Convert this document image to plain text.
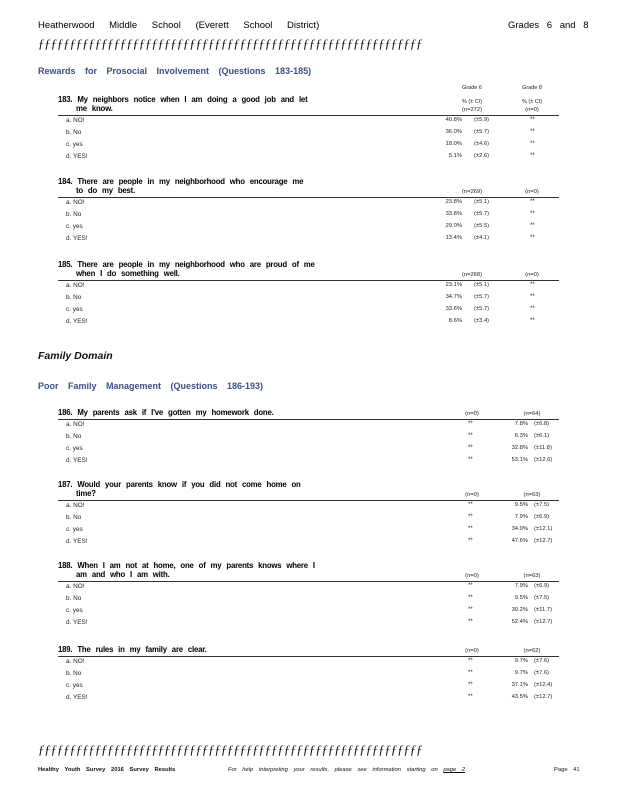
Heatherwood Middle School (Everett School District)	Grades 6 and 8
ƒƒƒƒƒƒƒƒƒƒƒƒƒƒƒƒƒƒƒƒƒƒƒƒƒƒƒƒƒƒƒƒƒƒƒƒƒƒƒƒƒƒƒƒƒƒƒƒƒƒƒƒƒƒƒƒƒƒƒƒƒ
Rewards for Prosocial Involvement (Questions 183-185)
Grade 6	Grade 8
% (± CI)	% (± CI)
183. My neighbors notice when I am doing a good job and let
me know.	(n=272)	(n=0)
a. NO!	40.8% (±5.9)	**
b. No	36.0% (±5.7)	**
c. yes	18.0% (±4.6)	**
d. YES!	5.1% (±2.6)	**
184. There are people in my neighborhood who encourage me
to do my best.	(n=269)	(n=0)
a. NO!	23.8% (±5.1)	**
b. No	33.8% (±5.7)	**
c. yes	29.0% (±5.5)	**
d. YES!	13.4% (±4.1)	**
185. There are people in my neighborhood who are proud of me
when I do something well.	(n=268)	(n=0)
a. NO!	23.1% (±5.1)	**
b. No	34.7% (±5.7)	**
c. yes	33.6% (±5.7)	**
d. YES!	8.6% (±3.4)	**
Family Domain
Poor Family Management (Questions 186-193)
186. My parents ask if I've gotten my homework done.	(n=0)	(n=64)
a. NO!	**	7.8% (±6.8)
b. No	**	6.3% (±6.1)
c. yes	**	32.8% (±11.8)
d. YES!	**	53.1% (±12.6)
187. Would your parents know if you did not come home on
time?	(n=0)	(n=63)
a. NO!	**	9.5% (±7.5)
b. No	**	7.9% (±6.9)
c. yes	**	34.9% (±12.1)
d. YES!	**	47.6% (±12.7)
188. When I am not at home, one of my parents knows where I
am and who I am with.	(n=0)	(n=63)
a. NO!	**	7.9% (±6.9)
b. No	**	9.5% (±7.5)
c. yes	**	30.2% (±11.7)
d. YES!	**	52.4% (±12.7)
189. The rules in my family are clear.	(n=0)	(n=62)
a. NO!	**	9.7% (±7.6)
b. No	**	9.7% (±7.6)
c. yes	**	37.1% (±12.4)
d. YES!	**	43.5% (±12.7)
ƒƒƒƒƒƒƒƒƒƒƒƒƒƒƒƒƒƒƒƒƒƒƒƒƒƒƒƒƒƒƒƒƒƒƒƒƒƒƒƒƒƒƒƒƒƒƒƒƒƒƒƒƒƒƒƒƒƒƒƒƒ
Healthy Youth Survey 2016 Survey Results	For help interpreting your results, please see information starting on page 2	Page 41
